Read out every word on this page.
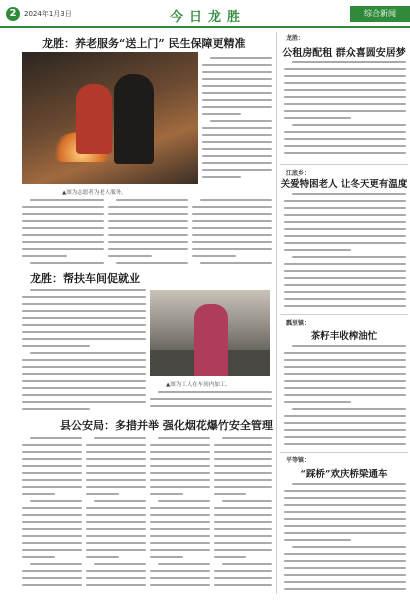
2	2024年1月3日	今日龙胜	综合新闻
龙胜：养老服务“送上门” 民生保障更精准
▲图为志愿者为老人服务。
龙胜：帮扶车间促就业
▲图为工人在车间内加工。
县公安局：多措并举 强化烟花爆竹安全管理
龙胜：
公租房配租 群众喜圆安居梦
江底乡：
关爱特困老人 让冬天更有温度
瓢里镇：
茶籽丰收榨油忙
平等镇：
“踩桥”欢庆桥梁通车
